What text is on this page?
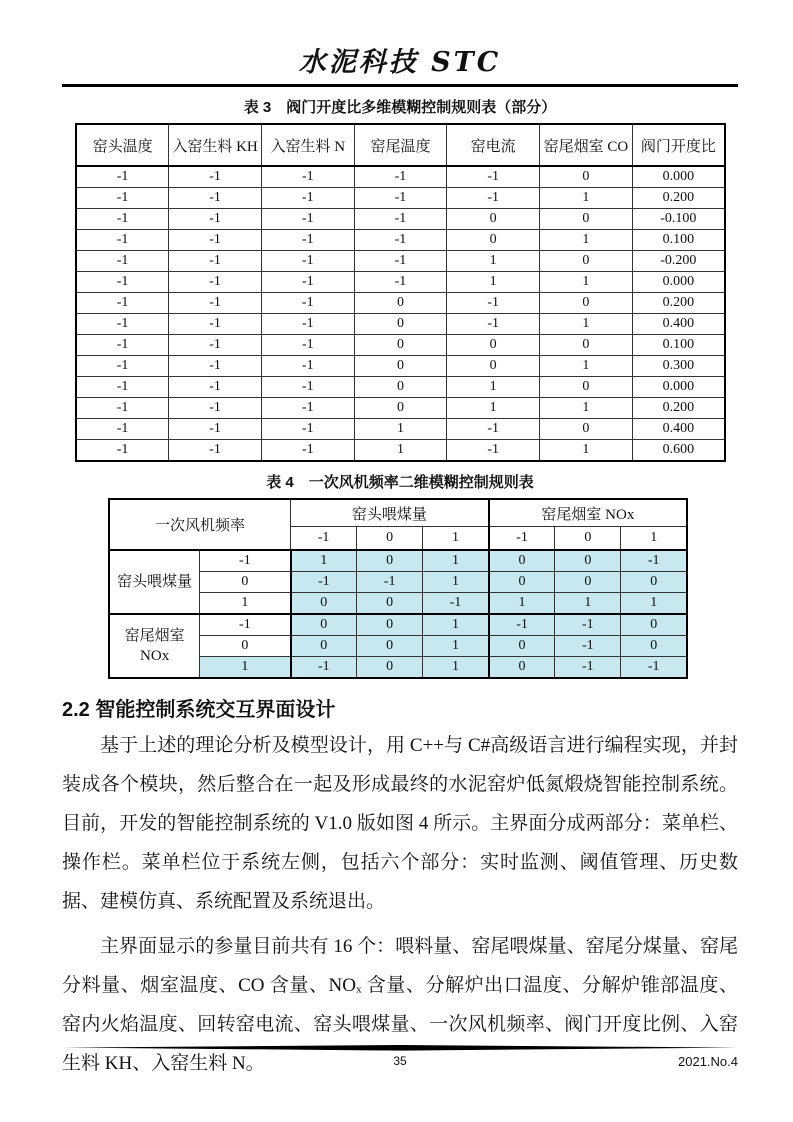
水泥科技 STC
表 3　阀门开度比多维模糊控制规则表（部分）
窑头温度	入窑生料 KH	入窑生料 N	窑尾温度	窑电流	窑尾烟室 CO	阀门开度比
-1	-1	-1	-1	-1	0	0.000
-1	-1	-1	-1	-1	1	0.200
-1	-1	-1	-1	0	0	-0.100
-1	-1	-1	-1	0	1	0.100
-1	-1	-1	-1	1	0	-0.200
-1	-1	-1	-1	1	1	0.000
-1	-1	-1	0	-1	0	0.200
-1	-1	-1	0	-1	1	0.400
-1	-1	-1	0	0	0	0.100
-1	-1	-1	0	0	1	0.300
-1	-1	-1	0	1	0	0.000
-1	-1	-1	0	1	1	0.200
-1	-1	-1	1	-1	0	0.400
-1	-1	-1	1	-1	1	0.600
表 4　一次风机频率二维模糊控制规则表
一次风机频率		窑头喂煤量			窑尾烟室 NOx		
		-1	0	1	-1	0	1
窑头喂煤量	-1	1	0	1	0	0	-1
	0	-1	-1	1	0	0	0
	1	0	0	-1	1	1	1
窑尾烟室 NOx	-1	0	0	1	-1	-1	0
	0	0	0	1	0	-1	0
	1	-1	0	1	0	-1	-1
2.2 智能控制系统交互界面设计

基于上述的理论分析及模型设计，用 C++与 C#高级语言进行编程实现，并封装成各个模块，然后整合在一起及形成最终的水泥窑炉低氮煅烧智能控制系统。目前，开发的智能控制系统的 V1.0 版如图 4 所示。主界面分成两部分：菜单栏、操作栏。菜单栏位于系统左侧，包括六个部分：实时监测、阈值管理、历史数据、建模仿真、系统配置及系统退出。

主界面显示的参量目前共有 16 个：喂料量、窑尾喂煤量、窑尾分煤量、窑尾分料量、烟室温度、CO 含量、NOₓ 含量、分解炉出口温度、分解炉锥部温度、窑内火焰温度、回转窑电流、窑头喂煤量、一次风机频率、阀门开度比例、入窑生料 KH、入窑生料 N。	35	2021.No.4
